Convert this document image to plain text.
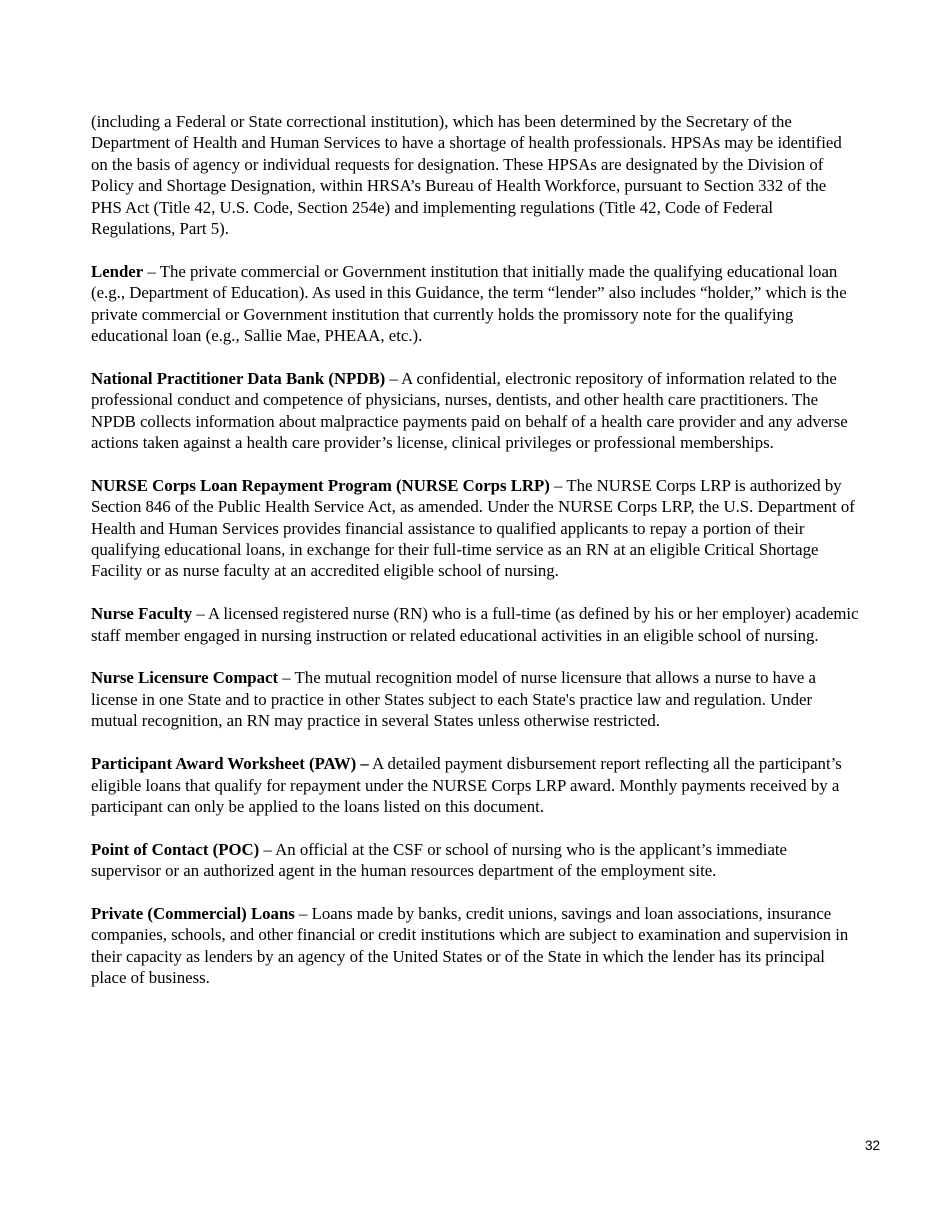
(including a Federal or State correctional institution), which has been determined by the Secretary of the Department of Health and Human Services to have a shortage of health professionals. HPSAs may be identified on the basis of agency or individual requests for designation. These HPSAs are designated by the Division of Policy and Shortage Designation, within HRSA’s Bureau of Health Workforce, pursuant to Section 332 of the PHS Act (Title 42, U.S. Code, Section 254e) and implementing regulations (Title 42, Code of Federal Regulations, Part 5).

Lender – The private commercial or Government institution that initially made the qualifying educational loan (e.g., Department of Education). As used in this Guidance, the term “lender” also includes “holder,” which is the private commercial or Government institution that currently holds the promissory note for the qualifying educational loan (e.g., Sallie Mae, PHEAA, etc.).

National Practitioner Data Bank (NPDB) – A confidential, electronic repository of information related to the professional conduct and competence of physicians, nurses, dentists, and other health care practitioners. The NPDB collects information about malpractice payments paid on behalf of a health care provider and any adverse actions taken against a health care provider’s license, clinical privileges or professional memberships.

NURSE Corps Loan Repayment Program (NURSE Corps LRP) – The NURSE Corps LRP is authorized by Section 846 of the Public Health Service Act, as amended. Under the NURSE Corps LRP, the U.S. Department of Health and Human Services provides financial assistance to qualified applicants to repay a portion of their qualifying educational loans, in exchange for their full-time service as an RN at an eligible Critical Shortage Facility or as nurse faculty at an accredited eligible school of nursing.

Nurse Faculty – A licensed registered nurse (RN) who is a full-time (as defined by his or her employer) academic staff member engaged in nursing instruction or related educational activities in an eligible school of nursing.

Nurse Licensure Compact – The mutual recognition model of nurse licensure that allows a nurse to have a license in one State and to practice in other States subject to each State's practice law and regulation. Under mutual recognition, an RN may practice in several States unless otherwise restricted.

Participant Award Worksheet (PAW) – A detailed payment disbursement report reflecting all the participant’s eligible loans that qualify for repayment under the NURSE Corps LRP award. Monthly payments received by a participant can only be applied to the loans listed on this document.

Point of Contact (POC) – An official at the CSF or school of nursing who is the applicant’s immediate supervisor or an authorized agent in the human resources department of the employment site.

Private (Commercial) Loans – Loans made by banks, credit unions, savings and loan associations, insurance companies, schools, and other financial or credit institutions which are subject to examination and supervision in their capacity as lenders by an agency of the United States or of the State in which the lender has its principal place of business.

32
